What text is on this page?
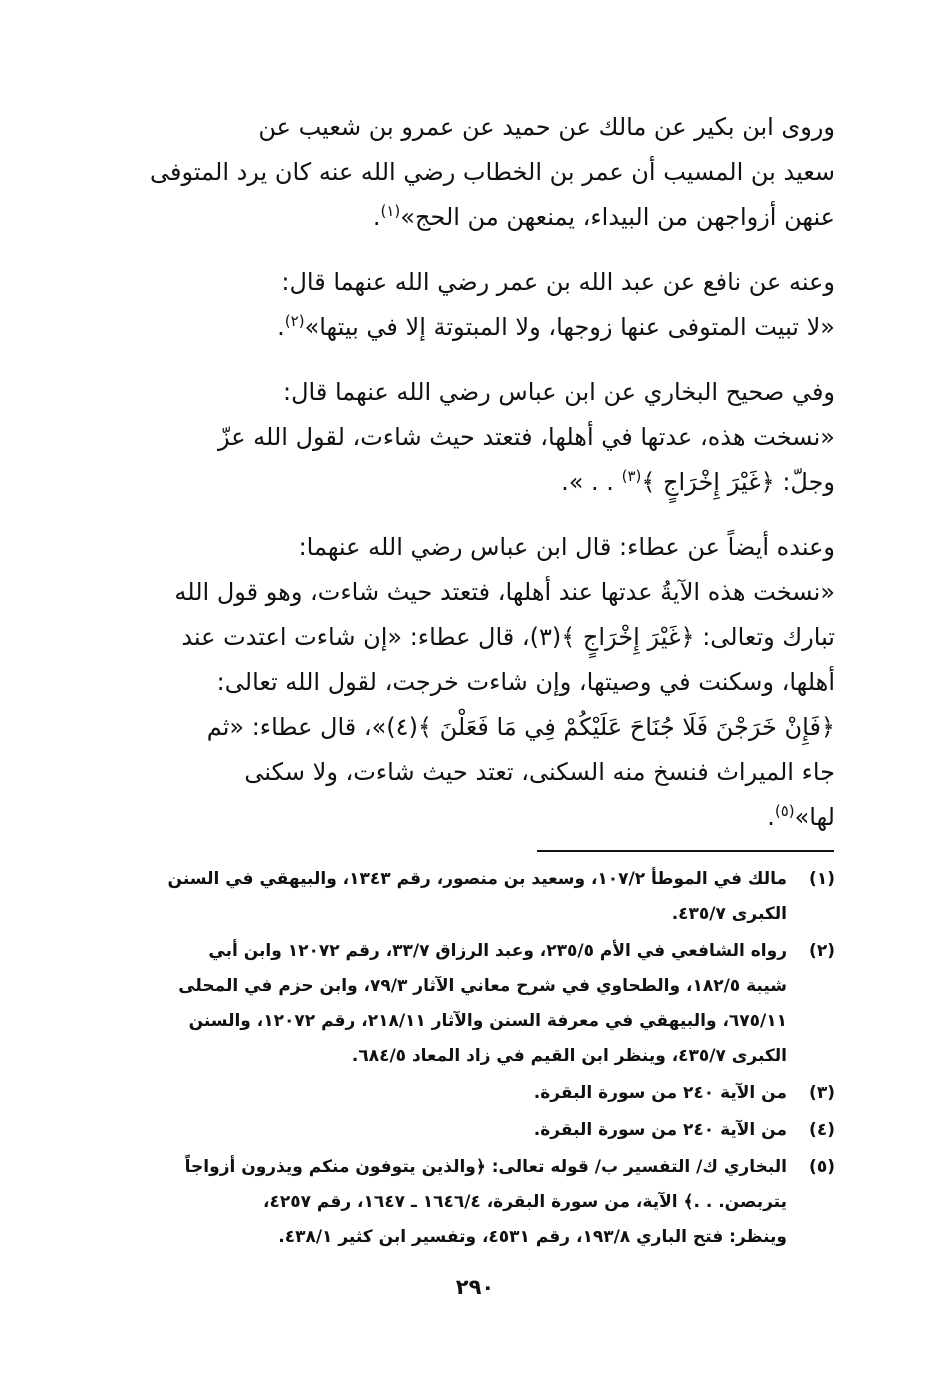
وروى ابن بكير عن مالك عن حميد عن عمرو بن شعيب عن
سعيد بن المسيب أن عمر بن الخطاب رضي الله عنه كان يرد المتوفى
عنهن أزواجهن من البيداء، يمنعهن من الحج»$^{(١)}$.

وعنه عن نافع عن عبد الله بن عمر رضي الله عنهما قال:
«لا تبيت المتوفى عنها زوجها، ولا المبتوتة إلا في بيتها»$^{(٢)}$.

وفي صحيح البخاري عن ابن عباس رضي الله عنهما قال:
«نسخت هذه، عدتها في أهلها، فتعتد حيث شاءت، لقول الله عزّ
وجلّ: ﴿غَيْرَ إِخْرَاجٍ ﴾$^{(٣)}$ . . ».

وعنده أيضاً عن عطاء: قال ابن عباس رضي الله عنهما:
«نسخت هذه الآيةُ عدتها عند أهلها، فتعتد حيث شاءت، وهو قول الله
تبارك وتعالى: ﴿غَيْرَ إِخْرَاجٍ ﴾(٣)، قال عطاء: «إن شاءت اعتدت عند
أهلها، وسكنت في وصيتها، وإن شاءت خرجت، لقول الله تعالى:
﴿فَإِنْ خَرَجْنَ فَلَا جُنَاحَ عَلَيْكُمْ فِي مَا فَعَلْنَ ﴾(٤)»، قال عطاء: «ثم
جاء الميراث فنسخ منه السكنى، تعتد حيث شاءت، ولا سكنى
لها»$^{(٥)}$.

(١)
مالك في الموطأ ١٠٧/٢، وسعيد بن منصور، رقم ١٣٤٣، والبيهقي في السنن
الكبرى ٤٣٥/٧.
(٢)
رواه الشافعي في الأم ٢٣٥/٥، وعبد الرزاق ٣٣/٧، رقم ١٢٠٧٢ وابن أبي
شيبة ١٨٢/٥، والطحاوي في شرح معاني الآثار ٧٩/٣، وابن حزم في المحلى
٦٧٥/١١، والبيهقي في معرفة السنن والآثار ٢١٨/١١، رقم ١٢٠٧٢، والسنن
الكبرى ٤٣٥/٧، وينظر ابن القيم في زاد المعاد ٦٨٤/٥.
(٣)
من الآية ٢٤٠ من سورة البقرة.
(٤)
من الآية ٢٤٠ من سورة البقرة.
(٥)
البخاري ك/ التفسير ب/ قوله تعالى: ﴿والذين يتوفون منكم ويذرون أزواجاً
يتربصن. . .﴾ الآية، من سورة البقرة، ١٦٤٦/٤ ـ ١٦٤٧، رقم ٤٢٥٧،
وينظر: فتح الباري ١٩٣/٨، رقم ٤٥٣١، وتفسير ابن كثير ٤٣٨/١.
٢٩٠
